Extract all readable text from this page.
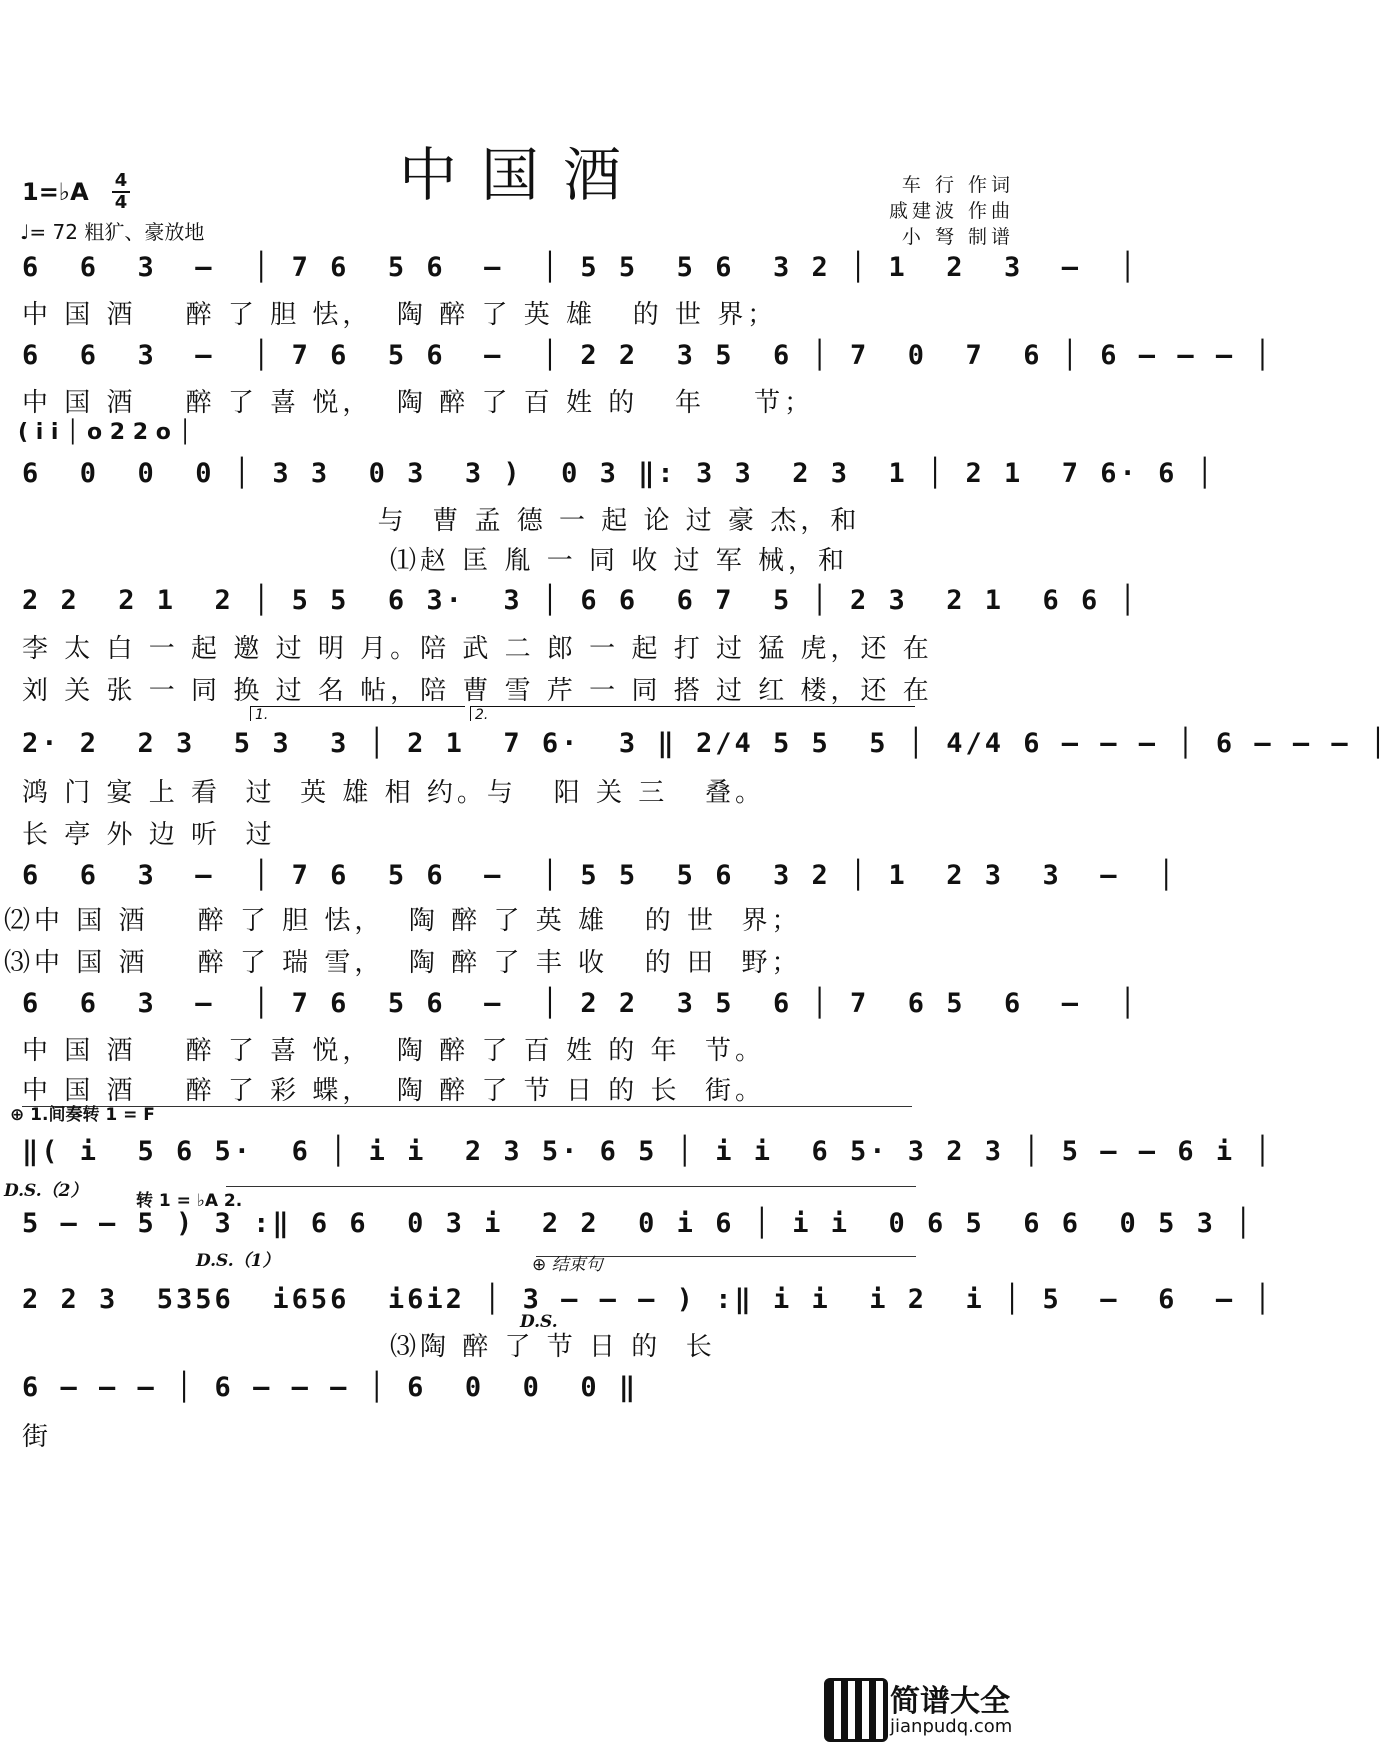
中国酒
1=♭A 4
4
♩= 72 粗犷、豪放地
车 行 作词
戚建波 作曲
小 弩 制谱
6  6  3  –  │ 7 6  5 6  –  │ 5 5  5 6  3 2 │ 1  2  3  –  │
中 国 酒    醉 了 胆 怯，  陶 醉 了 英 雄   的 世 界；
6  6  3  –  │ 7 6  5 6  –  │ 2 2  3 5  6 │ 7  0  7  6 │ 6 – – – │
中 国 酒    醉 了 喜 悦，  陶 醉 了 百 姓 的   年    节；
( i i │ o 2 2 o │
6  0  0  0 │ 3 3  0 3  3 )  0 3 ‖: 3 3  2 3  1 │ 2 1  7 6· 6 │
与  曹 孟 德 一 起 论 过 豪 杰，和
⑴赵 匡 胤 一 同 收 过 军 械，和
2 2  2 1  2 │ 5 5  6 3·  3 │ 6 6  6 7  5 │ 2 3  2 1  6 6 │
李 太 白 一 起 邀 过 明 月。陪 武 二 郎 一 起 打 过 猛 虎，还 在
刘 关 张 一 同 换 过 名 帖，陪 曹 雪 芹 一 同 搭 过 红 楼，还 在
1.	2.
2· 2  2 3  5 3  3 │ 2 1  7 6·  3 ‖ 2/4 5 5  5 │ 4/4 6 – – – │ 6 – – – │
鸿 门 宴 上 看  过  英 雄 相 约。与   阳 关 三   叠。
长 亭 外 边 听  过
6  6  3  –  │ 7 6  5 6  –  │ 5 5  5 6  3 2 │ 1  2 3  3  –  │
⑵中 国 酒    醉 了 胆 怯，  陶 醉 了 英 雄   的 世  界；
⑶中 国 酒    醉 了 瑞 雪，  陶 醉 了 丰 收   的 田  野；
6  6  3  –  │ 7 6  5 6  –  │ 2 2  3 5  6 │ 7  6 5  6  –  │
中 国 酒    醉 了 喜 悦，  陶 醉 了 百 姓 的 年  节。
中 国 酒    醉 了 彩 蝶，  陶 醉 了 节 日 的 长  街。
⊕ 1.间奏转 1 = F
‖( i  5 6 5·  6 │ i i  2 3 5· 6 5 │ i i  6 5· 3 2 3 │ 5 – – 6 i │
D.S.（2）	转 1 = ♭A 2.
5 – – 5 ) 3 :‖ 6 6  0 3 i  2 2  0 i 6 │ i i  0 6 5  6 6  0 5 3 │
D.S.（1）	⊕ 结束句
2 2 3  5356  i656  i6i2 │ 3 – – – ) :‖ i i  i 2  i │ 5  –  6  – │
D.S.
⑶陶 醉 了 节 日 的  长
6 – – – │ 6 – – – │ 6  0  0  0 ‖
街
简谱大全
jianpudq.com
